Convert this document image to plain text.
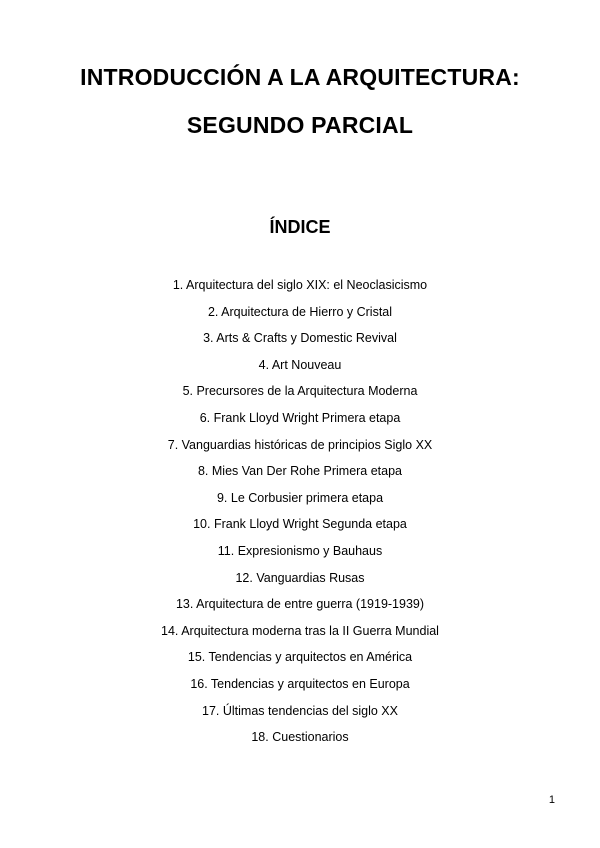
INTRODUCCIÓN A LA ARQUITECTURA:
SEGUNDO PARCIAL
ÍNDICE
1. Arquitectura del siglo XIX: el Neoclasicismo
2. Arquitectura de Hierro y Cristal
3. Arts & Crafts y Domestic Revival
4. Art Nouveau
5. Precursores de la Arquitectura Moderna
6. Frank Lloyd Wright Primera etapa
7. Vanguardias históricas de principios Siglo XX
8. Mies Van Der Rohe Primera etapa
9. Le Corbusier primera etapa
10. Frank Lloyd Wright Segunda etapa
11. Expresionismo y Bauhaus
12. Vanguardias Rusas
13. Arquitectura de entre guerra (1919-1939)
14. Arquitectura moderna tras la II Guerra Mundial
15. Tendencias y arquitectos en América
16. Tendencias y arquitectos en Europa
17. Últimas tendencias del siglo XX
18. Cuestionarios
1
